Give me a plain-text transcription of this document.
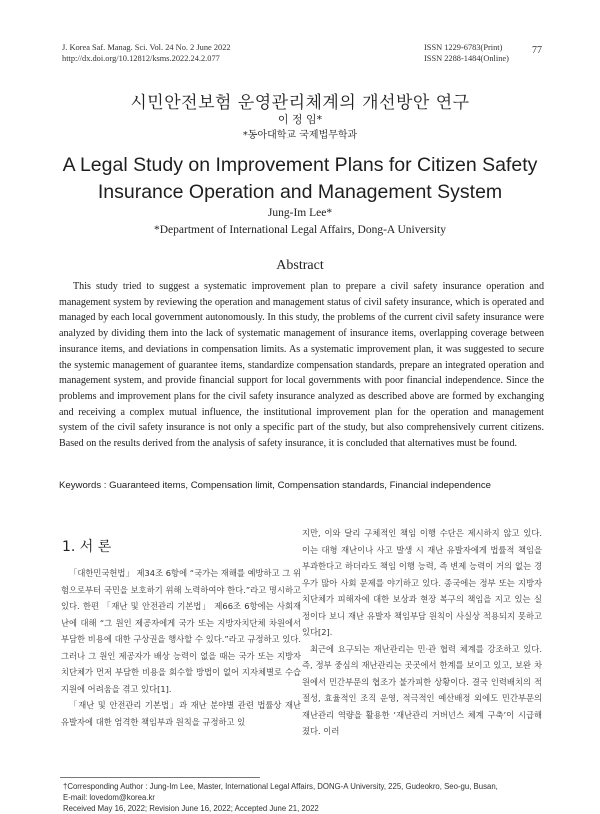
J. Korea Saf. Manag. Sci. Vol. 24 No. 2 June 2022
http://dx.doi.org/10.12812/ksms.2022.24.2.077
ISSN 1229-6783(Print)
ISSN 2288-1484(Online)
77
시민안전보험 운영관리체계의 개선방안 연구
이 정 임*
*동아대학교 국제법무학과
A Legal Study on Improvement Plans for Citizen Safety
Insurance Operation and Management System
Jung-Im Lee*
*Department of International Legal Affairs, Dong-A University
Abstract

This study tried to suggest a systematic improvement plan to prepare a civil safety insurance operation and management system by reviewing the operation and management status of civil safety insurance, which is operated and managed by each local government autonomously. In this study, the problems of the current civil safety insurance were analyzed by dividing them into the lack of systematic management of insurance items, overlapping coverage between insurance items, and deviations in compensation limits. As a systematic improvement plan, it was suggested to secure the systemic management of guarantee items, standardize compensation standards, prepare an integrated operation and management system, and provide financial support for local governments with poor financial independence. Since the problems and improvement plans for the civil safety insurance analyzed as described above are formed by exchanging and receiving a complex mutual influence, the institutional improvement plan for the operation and management system of the civil safety insurance is not only a specific part of the study, but also comprehensively current citizens. Based on the results derived from the analysis of safety insurance, it is concluded that alternatives must be found.

Keywords : Guaranteed items, Compensation limit, Compensation standards, Financial independence
1. 서 론

「대한민국헌법」 제34조 6항에 “국가는 재해를 예방하고 그 위험으로부터 국민을 보호하기 위해 노력하여야 한다.”라고 명시하고 있다. 한편 「재난 및 안전관리 기본법」 제66조 6항에는 사회재난에 대해 “그 원인 제공자에게 국가 또는 지방자치단체 차원에서 부담한 비용에 대한 구상권을 행사할 수 있다.”라고 규정하고 있다. 그러나 그 원인 제공자가 배상 능력이 없을 때는 국가 또는 지방자치단체가 먼저 부담한 비용을 회수할 방법이 없어 지자체별로 수습 지원에 어려움을 겪고 있다[1].

「재난 및 안전관리 기본법」과 재난 분야별 관련 법률상 재난 유발자에 대한 엄격한 책임부과 원칙을 규정하고 있

지만, 이와 달리 구체적인 책임 이행 수단은 제시하지 않고 있다. 이는 대형 재난이나 사고 발생 시 재난 유발자에게 법률적 책임을 부과한다고 하더라도 책임 이행 능력, 즉 변제 능력이 거의 없는 경우가 많아 사회 문제를 야기하고 있다. 종국에는 정부 또는 지방자치단체가 피해자에 대한 보상과 현장 복구의 책임을 지고 있는 실정이다 보니 재난 유발자 책임부담 원칙이 사실상 적용되지 못하고 있다[2].

최근에 요구되는 재난관리는 민·관 협력 체계를 강조하고 있다. 즉, 정부 중심의 재난관리는 곳곳에서 한계를 보이고 있고, 보완 차원에서 민간부문의 협조가 불가피한 상황이다. 결국 인력배치의 적절성, 효율적인 조직 운영, 적극적인 예산배정 외에도 민간부문의 재난관리 역량을 활용한 ‘재난관리 거버넌스 체계 구축’이 시급해졌다. 이러

†Corresponding Author : Jung-Im Lee, Master, International Legal Affairs, DONG-A University, 225, Gudeokro, Seo-gu, Busan,
E-mail: lovedom@korea.kr
Received May 16, 2022; Revision June 16, 2022; Accepted June 21, 2022
